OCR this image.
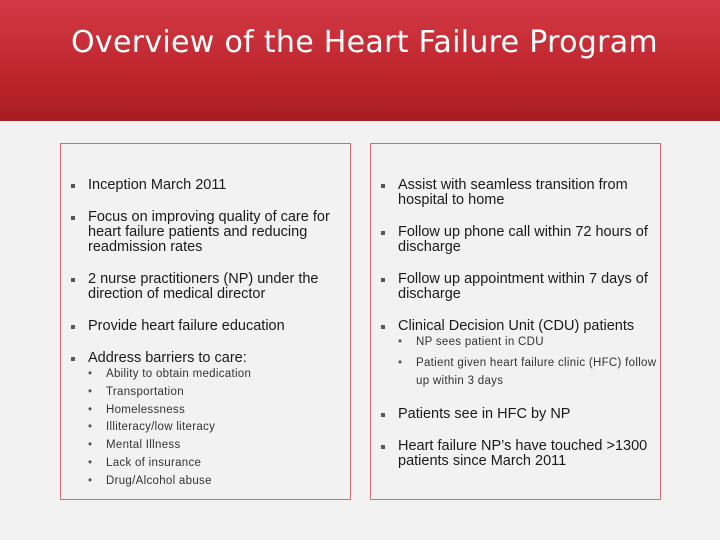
Overview of the Heart Failure Program
Inception March 2011
Focus on improving quality of care for heart failure patients and reducing readmission rates
2 nurse practitioners (NP) under the direction of medical director
Provide heart failure education
Address barriers to care:
• Ability to obtain medication
• Transportation
• Homelessness
• Illiteracy/low literacy
• Mental Illness
• Lack of insurance
• Drug/Alcohol abuse
Assist with seamless transition from hospital to home
Follow up phone call within 72 hours of discharge
Follow up appointment within 7 days of discharge
Clinical Decision Unit (CDU) patients
• NP sees patient in CDU
• Patient given heart failure clinic (HFC) follow up within 3 days
Patients see in HFC by NP
Heart failure NP’s have touched >1300 patients since March 2011
